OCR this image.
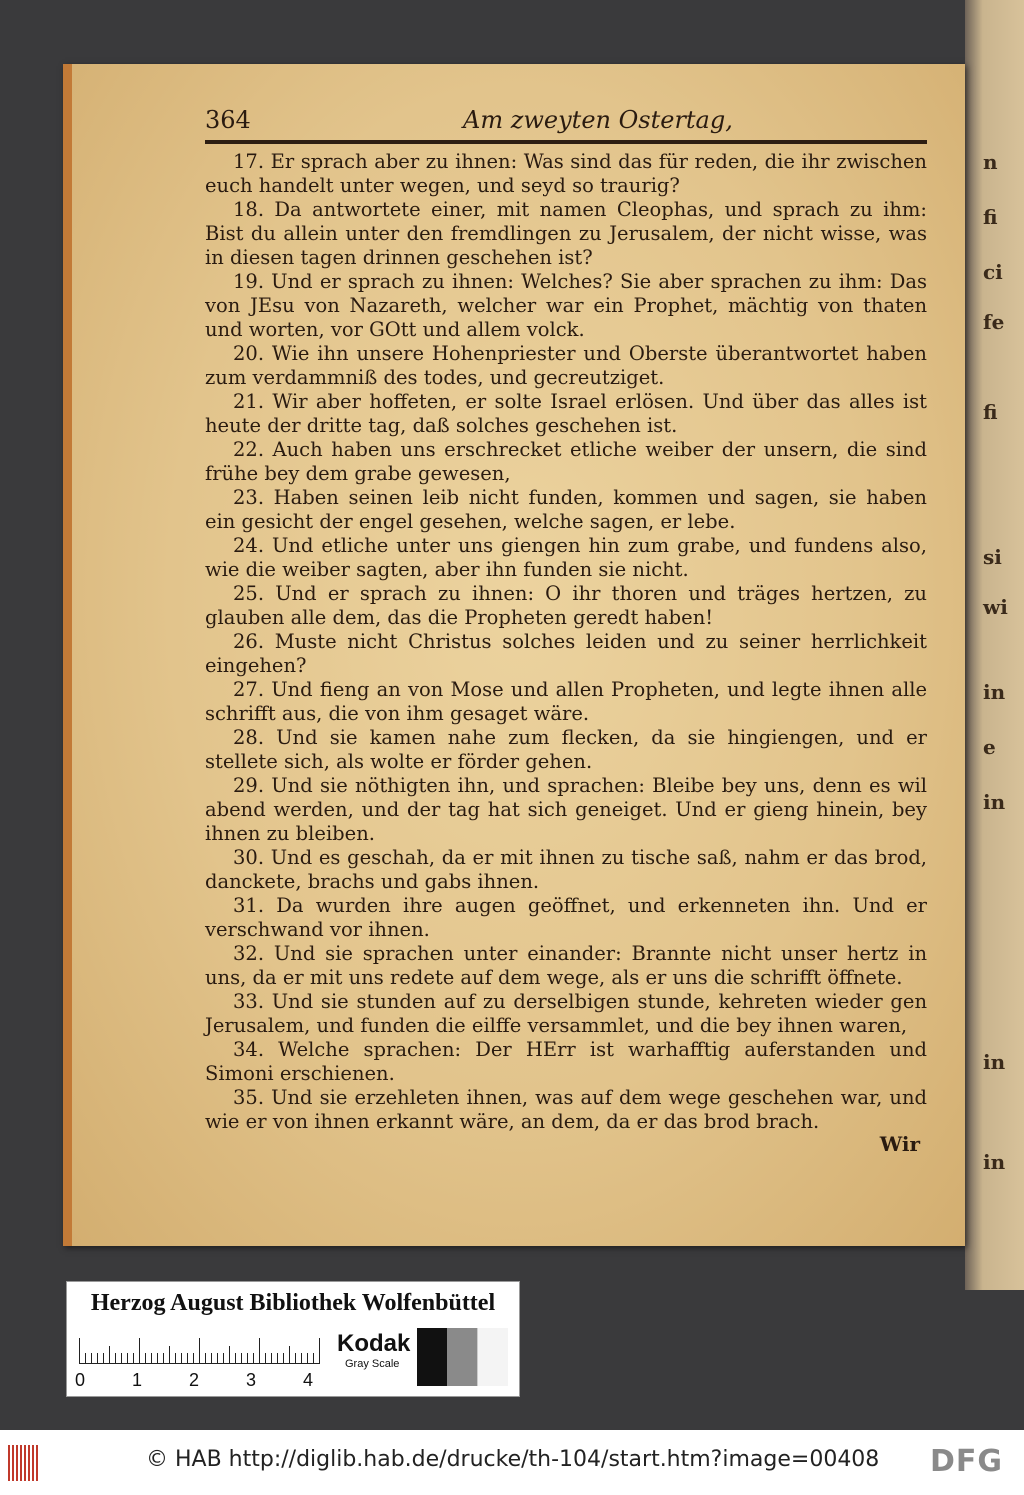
n
fi
ci
fe
fi
si
wi
in
e
in
in
in
364	Am zweyten Ostertag,

17. Er sprach aber zu ihnen: Was sind das für reden, die ihr zwischen euch handelt unter wegen, und seyd so traurig?

18. Da antwortete einer, mit namen Cleophas, und sprach zu ihm: Bist du allein unter den fremdlingen zu Jerusalem, der nicht wisse, was in diesen tagen drinnen geschehen ist?

19. Und er sprach zu ihnen: Welches? Sie aber sprachen zu ihm: Das von JEsu von Nazareth, welcher war ein Prophet, mächtig von thaten und worten, vor GOtt und allem volck.

20. Wie ihn unsere Hohenpriester und Oberste überantwortet haben zum verdammniß des todes, und gecreutziget.

21. Wir aber hoffeten, er solte Israel erlösen. Und über das alles ist heute der dritte tag, daß solches geschehen ist.

22. Auch haben uns erschrecket etliche weiber der unsern, die sind frühe bey dem grabe gewesen,

23. Haben seinen leib nicht funden, kommen und sagen, sie haben ein gesicht der engel gesehen, welche sagen, er lebe.

24. Und etliche unter uns giengen hin zum grabe, und fundens also, wie die weiber sagten, aber ihn funden sie nicht.

25. Und er sprach zu ihnen: O ihr thoren und träges hertzen, zu glauben alle dem, das die Propheten geredt haben!

26. Muste nicht Christus solches leiden und zu seiner herrlichkeit eingehen?

27. Und fieng an von Mose und allen Propheten, und legte ihnen alle schrifft aus, die von ihm gesaget wäre.

28. Und sie kamen nahe zum flecken, da sie hingiengen, und er stellete sich, als wolte er förder gehen.

29. Und sie nöthigten ihn, und sprachen: Bleibe bey uns, denn es wil abend werden, und der tag hat sich geneiget. Und er gieng hinein, bey ihnen zu bleiben.

30. Und es geschah, da er mit ihnen zu tische saß, nahm er das brod, danckete, brachs und gabs ihnen.

31. Da wurden ihre augen geöffnet, und erkenneten ihn. Und er verschwand vor ihnen.

32. Und sie sprachen unter einander: Brannte nicht unser hertz in uns, da er mit uns redete auf dem wege, als er uns die schrifft öffnete.

33. Und sie stunden auf zu derselbigen stunde, kehreten wieder gen Jerusalem, und funden die eilffe versammlet, und die bey ihnen waren,

34. Welche sprachen: Der HErr ist warhafftig auferstanden und Simoni erschienen.

35. Und sie erzehleten ihnen, was auf dem wege geschehen war, und wie er von ihnen erkannt wäre, an dem, da er das brod brach.

Wir
Herzog August Bibliothek Wolfenbüttel
0	1	2	3	4
Kodak
Gray Scale
© HAB http://diglib.hab.de/drucke/th-104/start.htm?image=00408 DFG
